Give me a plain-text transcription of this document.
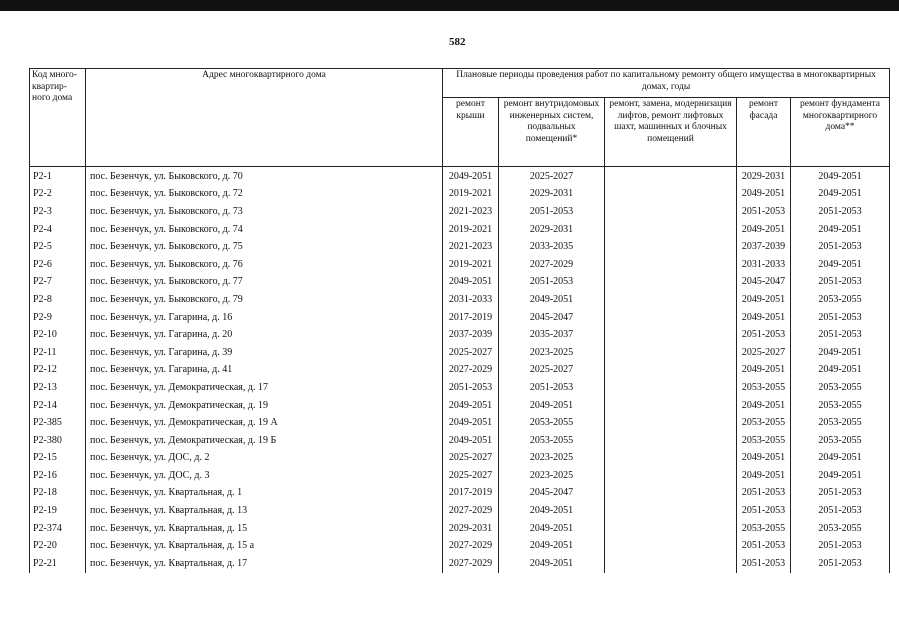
582
Код много-квартир-ного дома	Адрес многоквартирного дома	Плановые периоды проведения работ по капитальному ремонту общего имущества в многоквартирных домах, годы				
		ремонт крыши	ремонт внутридомовых инженерных систем, подвальных помещений*	ремонт, замена, модернизация лифтов, ремонт лифтовых шахт, машинных и блочных помещений	ремонт фасада	ремонт фундамента многоквартирного дома**
Р2-1	пос. Безенчук, ул. Быковского, д. 70	2049-2051	2025-2027		2029-2031	2049-2051
Р2-2	пос. Безенчук, ул. Быковского, д. 72	2019-2021	2029-2031		2049-2051	2049-2051
Р2-3	пос. Безенчук, ул. Быковского, д. 73	2021-2023	2051-2053		2051-2053	2051-2053
Р2-4	пос. Безенчук, ул. Быковского, д. 74	2019-2021	2029-2031		2049-2051	2049-2051
Р2-5	пос. Безенчук, ул. Быковского, д. 75	2021-2023	2033-2035		2037-2039	2051-2053
Р2-6	пос. Безенчук, ул. Быковского, д. 76	2019-2021	2027-2029		2031-2033	2049-2051
Р2-7	пос. Безенчук, ул. Быковского, д. 77	2049-2051	2051-2053		2045-2047	2051-2053
Р2-8	пос. Безенчук, ул. Быковского, д. 79	2031-2033	2049-2051		2049-2051	2053-2055
Р2-9	пос. Безенчук, ул. Гагарина, д. 16	2017-2019	2045-2047		2049-2051	2051-2053
Р2-10	пос. Безенчук, ул. Гагарина, д. 20	2037-2039	2035-2037		2051-2053	2051-2053
Р2-11	пос. Безенчук, ул. Гагарина, д. 39	2025-2027	2023-2025		2025-2027	2049-2051
Р2-12	пос. Безенчук, ул. Гагарина, д. 41	2027-2029	2025-2027		2049-2051	2049-2051
Р2-13	пос. Безенчук, ул. Демократическая, д. 17	2051-2053	2051-2053		2053-2055	2053-2055
Р2-14	пос. Безенчук, ул. Демократическая, д. 19	2049-2051	2049-2051		2049-2051	2053-2055
Р2-385	пос. Безенчук, ул. Демократическая, д. 19 А	2049-2051	2053-2055		2053-2055	2053-2055
Р2-380	пос. Безенчук, ул. Демократическая, д. 19 Б	2049-2051	2053-2055		2053-2055	2053-2055
Р2-15	пос. Безенчук, ул. ДОС, д. 2	2025-2027	2023-2025		2049-2051	2049-2051
Р2-16	пос. Безенчук, ул. ДОС, д. 3	2025-2027	2023-2025		2049-2051	2049-2051
Р2-18	пос. Безенчук, ул. Квартальная, д. 1	2017-2019	2045-2047		2051-2053	2051-2053
Р2-19	пос. Безенчук, ул. Квартальная, д. 13	2027-2029	2049-2051		2051-2053	2051-2053
Р2-374	пос. Безенчук, ул. Квартальная, д. 15	2029-2031	2049-2051		2053-2055	2053-2055
Р2-20	пос. Безенчук, ул. Квартальная, д. 15 а	2027-2029	2049-2051		2051-2053	2051-2053
Р2-21	пос. Безенчук, ул. Квартальная, д. 17	2027-2029	2049-2051		2051-2053	2051-2053
